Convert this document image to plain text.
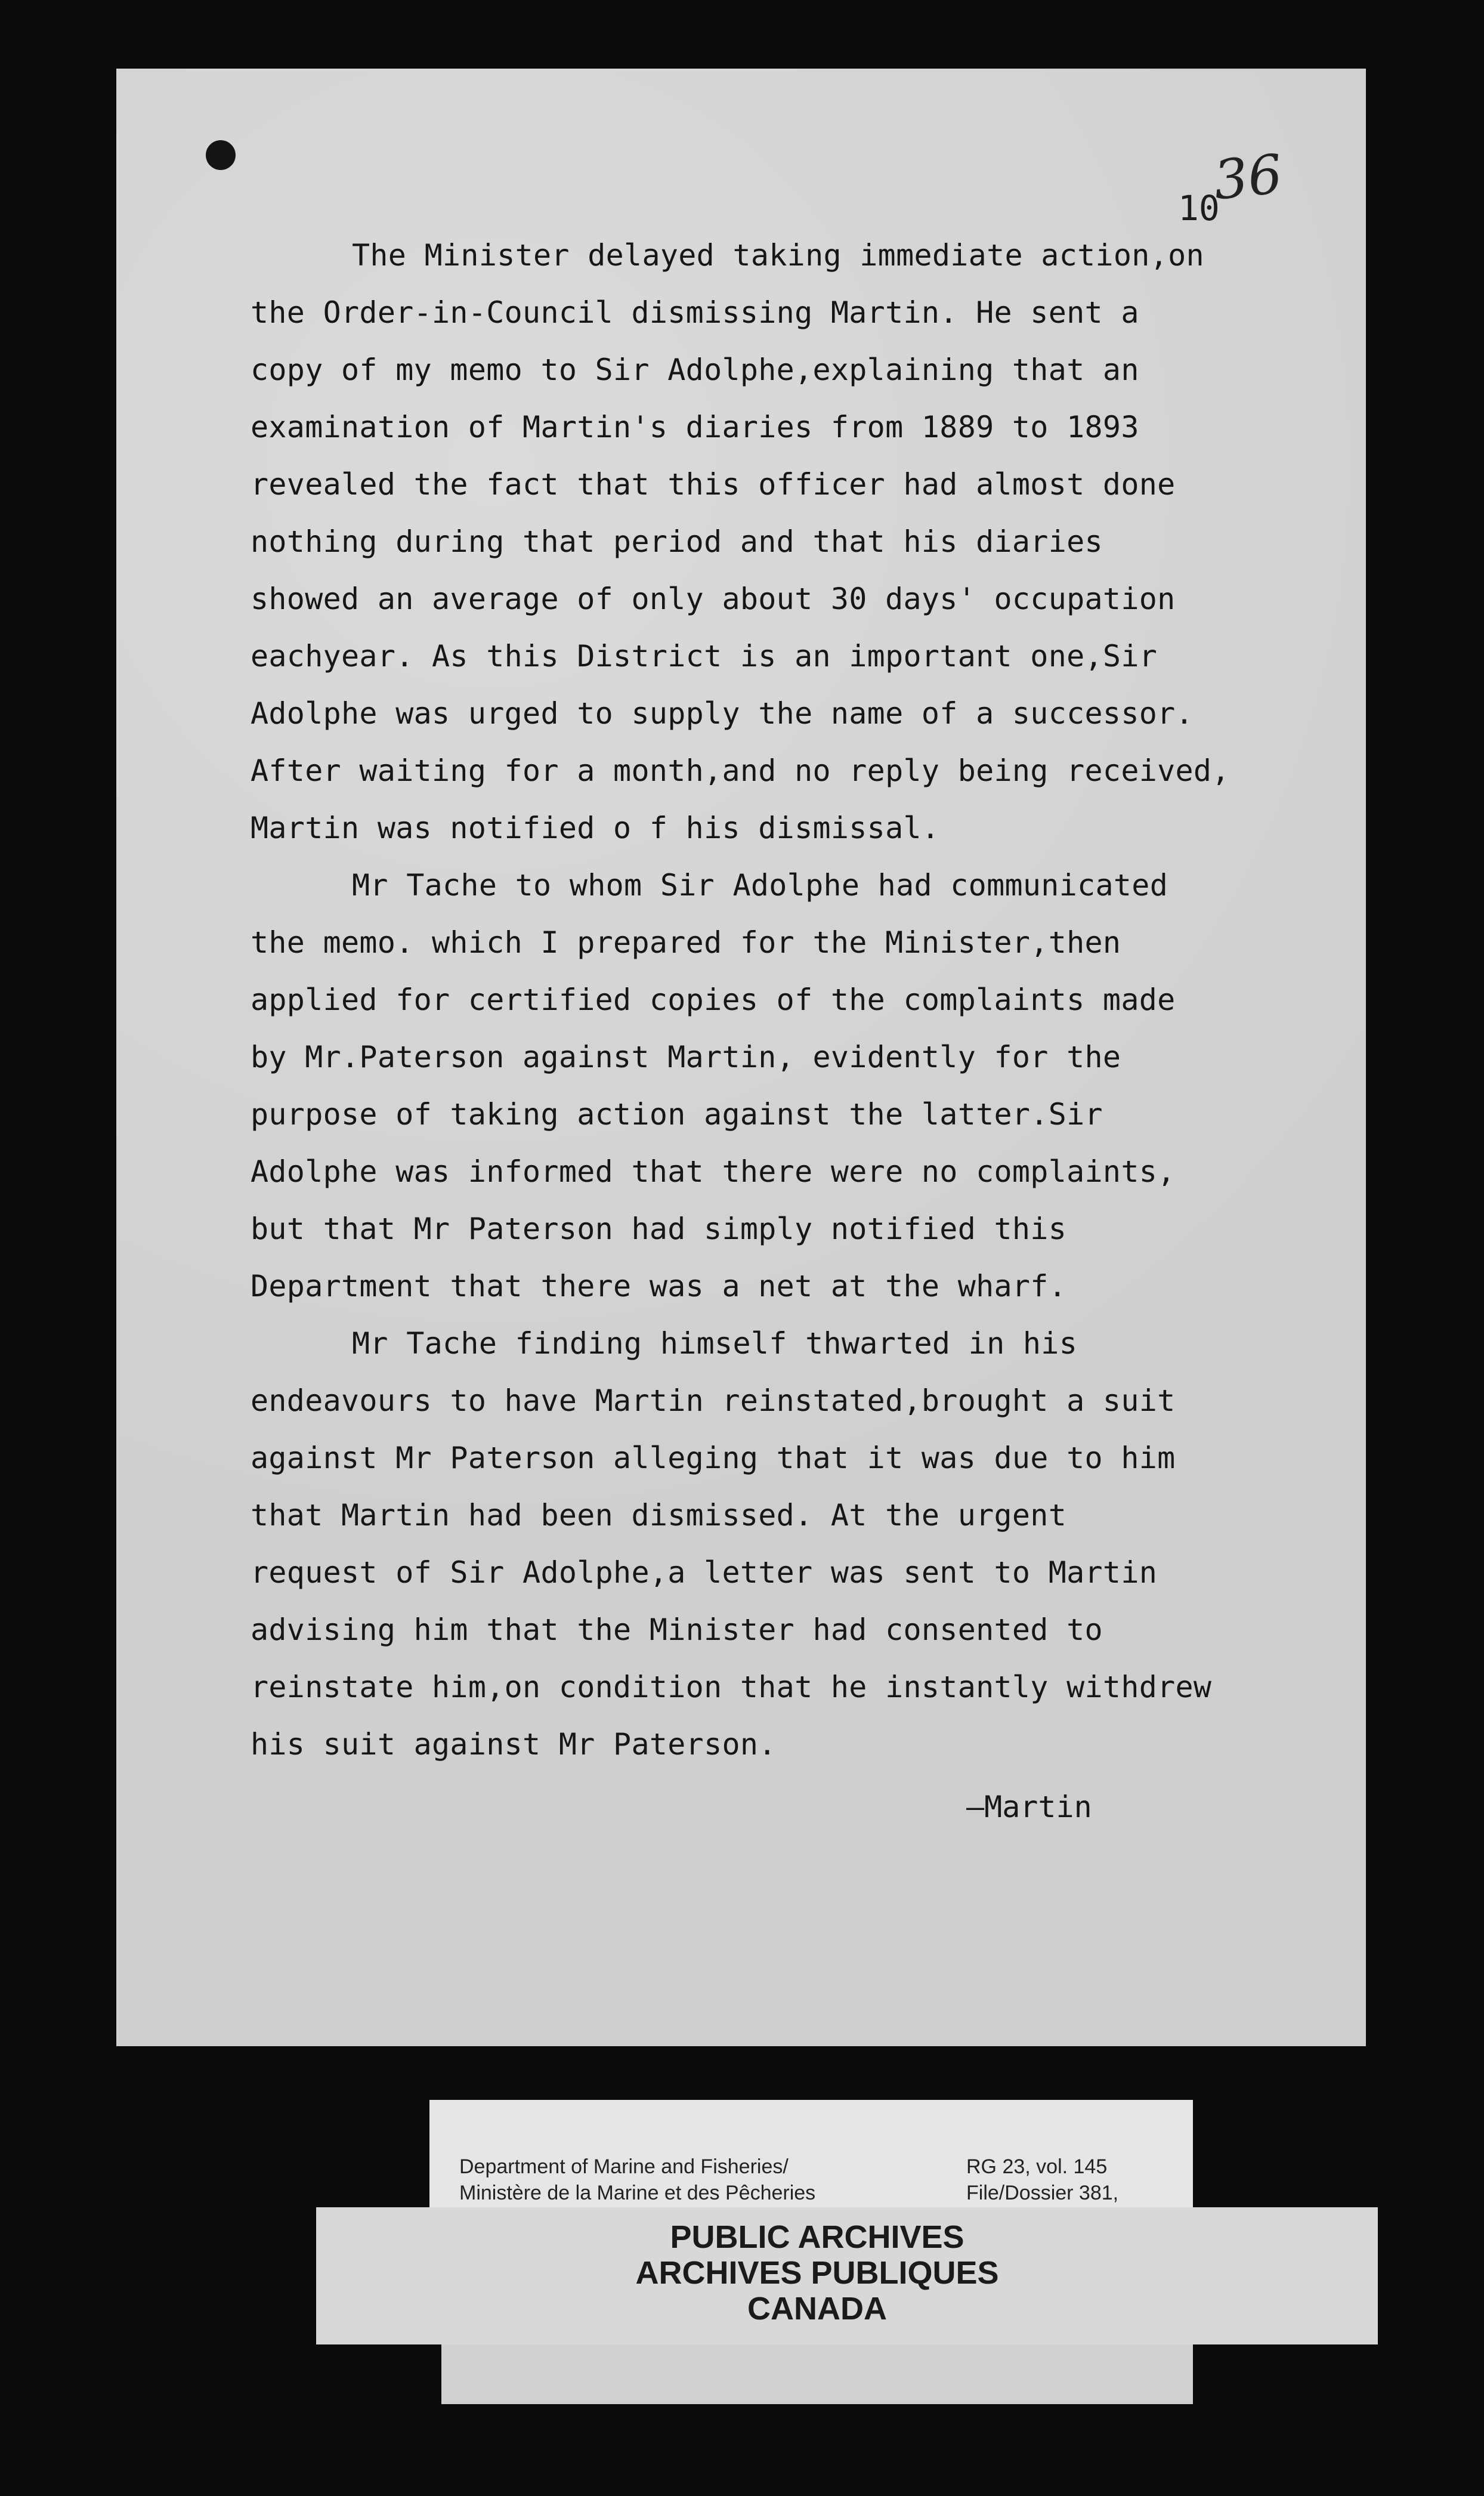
10
36
The Minister delayed taking immediate action,on
the Order-in-Council dismissing Martin. He sent a
copy of my memo to Sir Adolphe,explaining that an
examination of Martin's diaries from 1889 to 1893
revealed the fact that this officer had almost done
nothing during that period and that his diaries
showed an average of only about 30 days' occupation
eachyear. As this District is an important one,Sir
Adolphe was urged to supply the name of a successor.
After waiting for a month,and no reply being received,
Martin was notified o f his dismissal.
Mr Tache to whom Sir Adolphe had communicated
the memo. which I prepared for the Minister,then
applied for certified copies of the complaints made
by Mr.Paterson against Martin, evidently for the
purpose of taking action against the latter.Sir
Adolphe was informed that there were no complaints,
but that Mr Paterson had simply notified this
Department that there was a net at the wharf.
Mr Tache finding himself thwarted in his
endeavours to have Martin reinstated,brought a suit
against Mr Paterson alleging that it was due to him
that Martin had been dismissed. At the urgent
request of Sir Adolphe,a letter was sent to Martin
advising him that the Minister had consented to
reinstate him,on condition that he instantly withdrew
his suit against Mr Paterson.
—Martin
Department of Marine and Fisheries/
Ministère de la Marine et des Pêcheries
RG 23, vol. 145
File/Dossier 381,
PUBLIC ARCHIVES
ARCHIVES PUBLIQUES
CANADA
